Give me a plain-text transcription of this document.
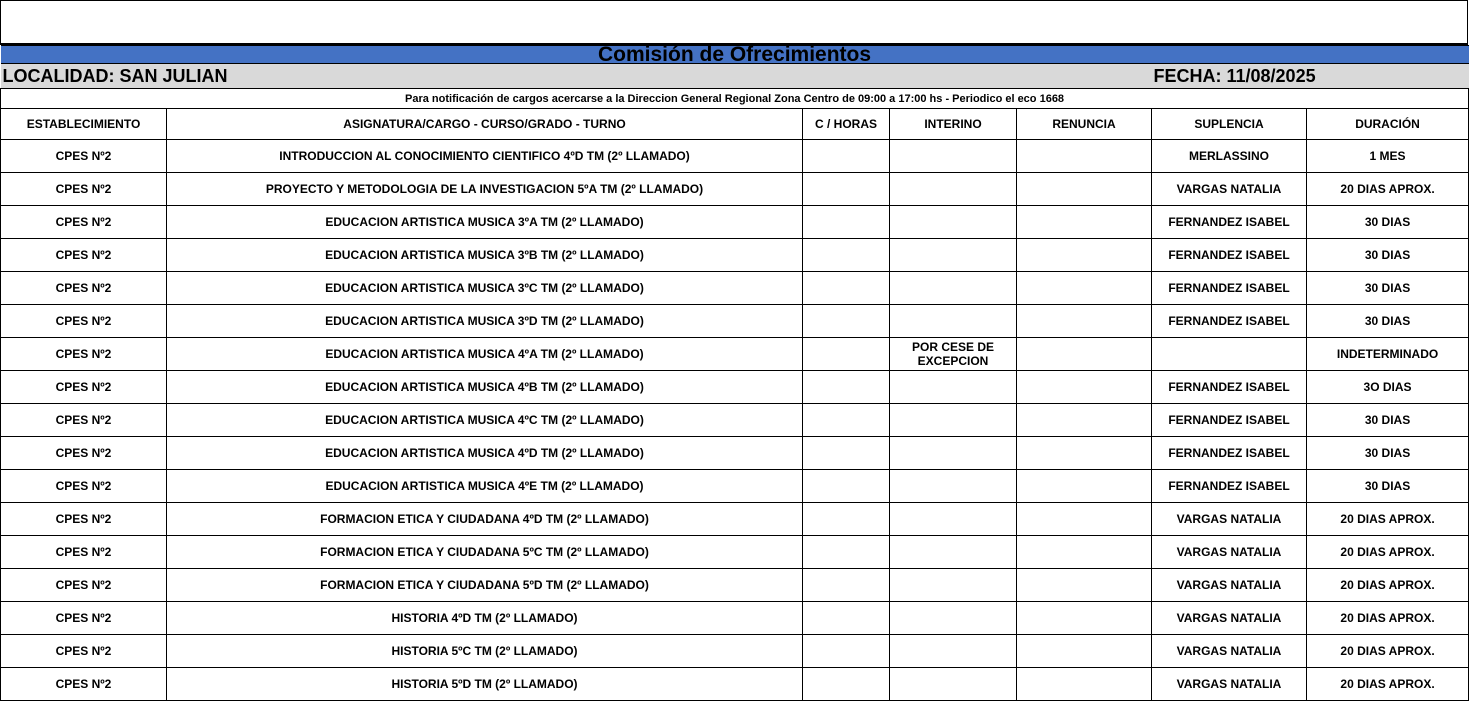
Comisión de Ofrecimientos						
LOCALIDAD: SAN JULIAN					FECHA: 11/08/2025	
Para notificación de cargos acercarse a la Direccion General Regional Zona Centro de 09:00 a 17:00 hs - Periodico el eco 1668						
ESTABLECIMIENTO	ASIGNATURA/CARGO - CURSO/GRADO - TURNO	C / HORAS	INTERINO	RENUNCIA	SUPLENCIA	DURACIÓN
CPES Nº2	INTRODUCCION AL CONOCIMIENTO CIENTIFICO 4ºD TM (2º LLAMADO)				MERLASSINO	1 MES
CPES Nº2	PROYECTO Y METODOLOGIA DE LA INVESTIGACION 5ºA TM (2º LLAMADO)				VARGAS NATALIA	20 DIAS APROX.
CPES Nº2	EDUCACION ARTISTICA MUSICA 3ºA TM (2º LLAMADO)				FERNANDEZ ISABEL	30 DIAS
CPES Nº2	EDUCACION ARTISTICA MUSICA 3ºB TM (2º LLAMADO)				FERNANDEZ ISABEL	30 DIAS
CPES Nº2	EDUCACION ARTISTICA MUSICA 3ºC TM (2º LLAMADO)				FERNANDEZ ISABEL	30 DIAS
CPES Nº2	EDUCACION ARTISTICA MUSICA 3ºD TM (2º LLAMADO)				FERNANDEZ ISABEL	30 DIAS
CPES Nº2	EDUCACION ARTISTICA MUSICA 4ºA TM (2º LLAMADO)		POR CESE DE EXCEPCION			INDETERMINADO
CPES Nº2	EDUCACION ARTISTICA MUSICA 4ºB TM (2º LLAMADO)				FERNANDEZ ISABEL	3O DIAS
CPES Nº2	EDUCACION ARTISTICA MUSICA 4ºC TM (2º LLAMADO)				FERNANDEZ ISABEL	30 DIAS
CPES Nº2	EDUCACION ARTISTICA MUSICA 4ºD TM (2º LLAMADO)				FERNANDEZ ISABEL	30 DIAS
CPES Nº2	EDUCACION ARTISTICA MUSICA 4ºE TM (2º LLAMADO)				FERNANDEZ ISABEL	30 DIAS
CPES Nº2	FORMACION ETICA Y CIUDADANA 4ºD TM (2º LLAMADO)				VARGAS NATALIA	20 DIAS APROX.
CPES Nº2	FORMACION ETICA Y CIUDADANA 5ºC TM (2º LLAMADO)				VARGAS NATALIA	20 DIAS APROX.
CPES Nº2	FORMACION ETICA Y CIUDADANA 5ºD TM (2º LLAMADO)				VARGAS NATALIA	20 DIAS APROX.
CPES Nº2	HISTORIA 4ºD TM (2º LLAMADO)				VARGAS NATALIA	20 DIAS APROX.
CPES Nº2	HISTORIA 5ºC TM (2º LLAMADO)				VARGAS NATALIA	20 DIAS APROX.
CPES Nº2	HISTORIA 5ºD TM (2º LLAMADO)				VARGAS NATALIA	20 DIAS APROX.
